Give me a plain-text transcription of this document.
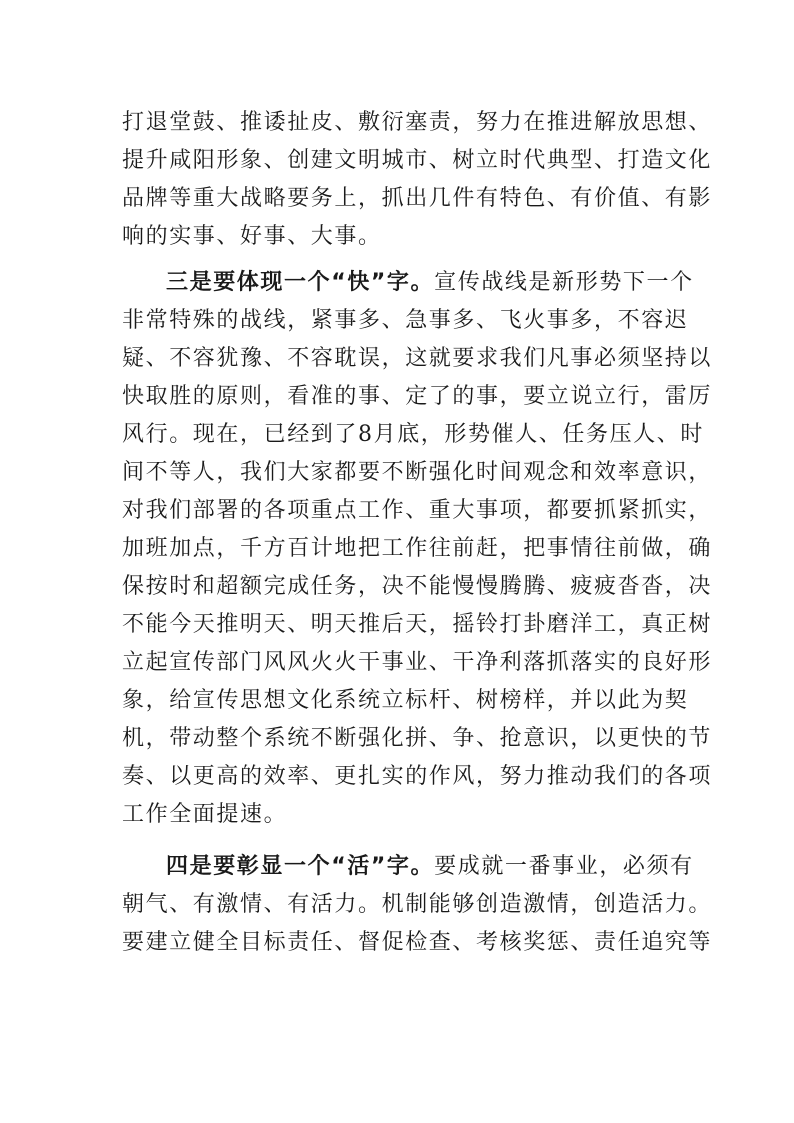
打退堂鼓、推诿扯皮、敷衍塞责，努力在推进解放思想、
提升咸阳形象、创建文明城市、树立时代典型、打造文化
品牌等重大战略要务上，抓出几件有特色、有价值、有影
响的实事、好事、大事。
三是要体现一个“快”字。宣传战线是新形势下一个
非常特殊的战线，紧事多、急事多、飞火事多，不容迟
疑、不容犹豫、不容耽误，这就要求我们凡事必须坚持以
快取胜的原则，看准的事、定了的事，要立说立行，雷厉
风行。现在，已经到了8月底，形势催人、任务压人、时
间不等人，我们大家都要不断强化时间观念和效率意识，
对我们部署的各项重点工作、重大事项，都要抓紧抓实，
加班加点，千方百计地把工作往前赶，把事情往前做，确
保按时和超额完成任务，决不能慢慢腾腾、疲疲沓沓，决
不能今天推明天、明天推后天，摇铃打卦磨洋工，真正树
立起宣传部门风风火火干事业、干净利落抓落实的良好形
象，给宣传思想文化系统立标杆、树榜样，并以此为契
机，带动整个系统不断强化拼、争、抢意识，以更快的节
奏、以更高的效率、更扎实的作风，努力推动我们的各项
工作全面提速。
四是要彰显一个“活”字。要成就一番事业，必须有
朝气、有激情、有活力。机制能够创造激情，创造活力。
要建立健全目标责任、督促检查、考核奖惩、责任追究等
